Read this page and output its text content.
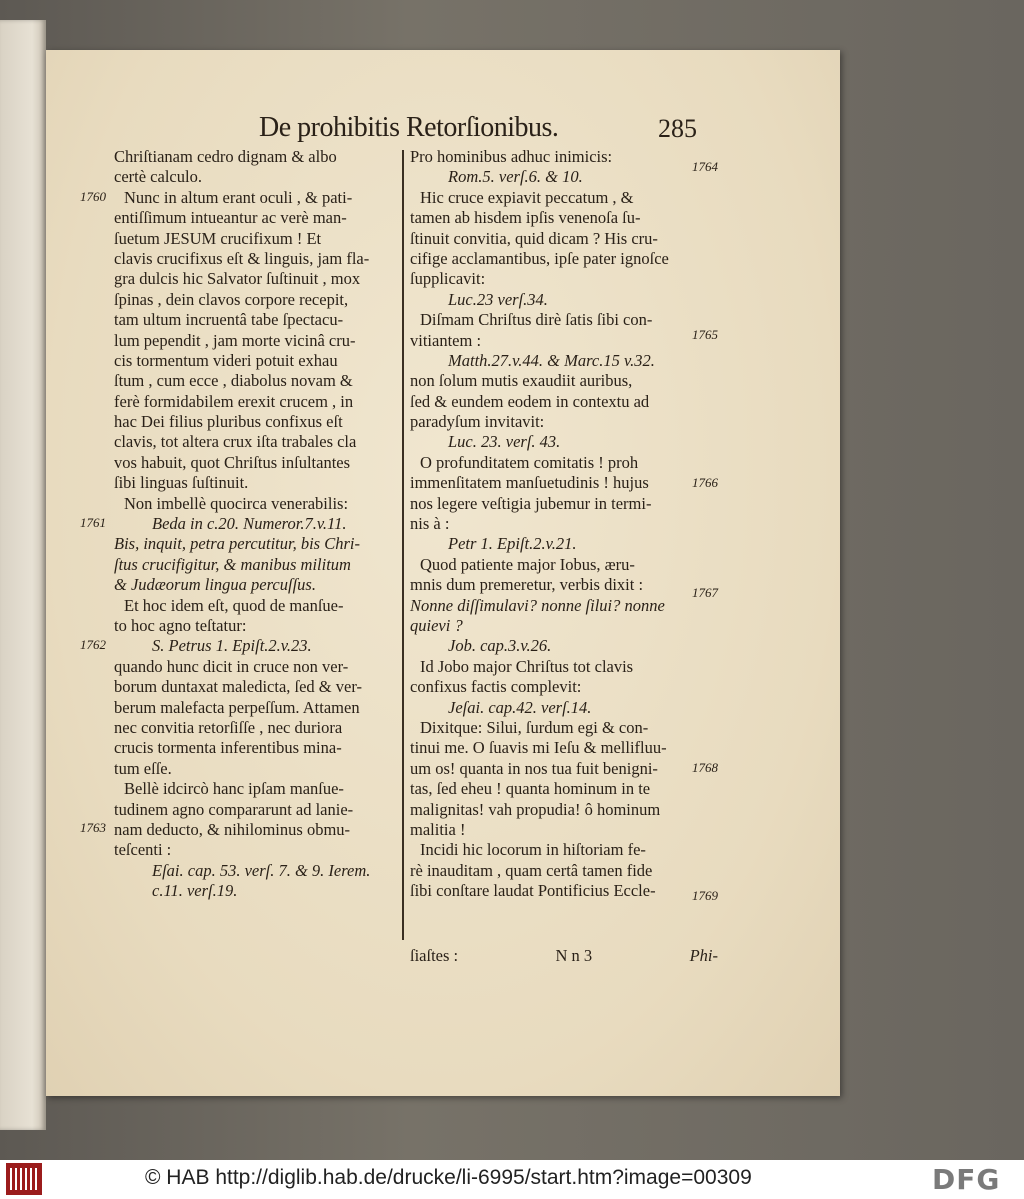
De prohibitis Retorſionibus.	285
Chriſtianam cedro dignam & albo
certè calculo.
Nunc in altum erant oculi , & pati-
entiſſimum intueantur ac verè man-
ſuetum JESUM crucifixum ! Et
clavis crucifixus eſt & linguis, jam fla-
gra dulcis hic Salvator ſuſtinuit , mox
ſpinas , dein clavos corpore recepit,
tam ultum incruentâ tabe ſpectacu-
lum pependit , jam morte vicinâ cru-
cis tormentum videri potuit exhau
ſtum , cum ecce , diabolus novam &
ferè formidabilem erexit crucem , in
hac Dei filius pluribus confixus eſt
clavis, tot altera crux iſta trabales cla
vos habuit, quot Chriſtus inſultantes
ſibi linguas ſuſtinuit.
Non imbellè quocirca venerabilis:
Beda in c.20. Numeror.7.v.11.
Bis, inquit, petra percutitur, bis Chri-
ſtus crucifigitur, & manibus militum
& Judæorum lingua percuſſus.
Et hoc idem eſt, quod de manſue-
to hoc agno teſtatur:
S. Petrus 1. Epiſt.2.v.23.
quando hunc dicit in cruce non ver-
borum duntaxat maledicta, ſed & ver-
berum malefacta perpeſſum. Attamen
nec convitia retorſiſſe , nec duriora
crucis tormenta inferentibus mina-
tum eſſe.
Bellè idcircò hanc ipſam manſue-
tudinem agno compararunt ad lanie-
nam deducto, & nihilominus obmu-
teſcenti :
Eſai. cap. 53. verſ. 7. & 9. Ierem.
c.11. verſ.19.
Pro hominibus adhuc inimicis:
Rom.5. verſ.6. & 10.
Hic cruce expiavit peccatum , &
tamen ab hisdem ipſis venenoſa ſu-
ſtinuit convitia, quid dicam ? His cru-
cifige acclamantibus, ipſe pater ignoſce
ſupplicavit:
Luc.23 verſ.34.
Diſmam Chriſtus dirè ſatis ſibi con-
vitiantem :
Matth.27.v.44. & Marc.15 v.32.
non ſolum mutis exaudiit auribus,
ſed & eundem eodem in contextu ad
paradyſum invitavit:
Luc. 23. verſ. 43.
O profunditatem comitatis ! proh
immenſitatem manſuetudinis ! hujus
nos legere veſtigia jubemur in termi-
nis à :
Petr 1. Epiſt.2.v.21.
Quod patiente major Iobus, æru-
mnis dum premeretur, verbis dixit :
Nonne diſſimulavi? nonne ſilui? nonne
quievi ?
Job. cap.3.v.26.
Id Jobo major Chriſtus tot clavis
confixus factis complevit:
Jeſai. cap.42. verſ.14.
Dixitque: Silui, ſurdum egi & con-
tinui me. O ſuavis mi Ieſu & mellifluu-
um os! quanta in nos tua fuit benigni-
tas, ſed eheu ! quanta hominum in te
malignitas! vah propudia! ô hominum
malitia !
Incidi hic locorum in hiſtoriam fe-
rè inauditam , quam certâ tamen fide
ſibi conſtare laudat Pontificius Eccle-
1760
1761
1762
1763
1764
1765
1766
1767
1768
1769
ſiaſtes :	N n 3	Phi-
© HAB http://diglib.hab.de/drucke/li-6995/start.htm?image=00309	DFG
